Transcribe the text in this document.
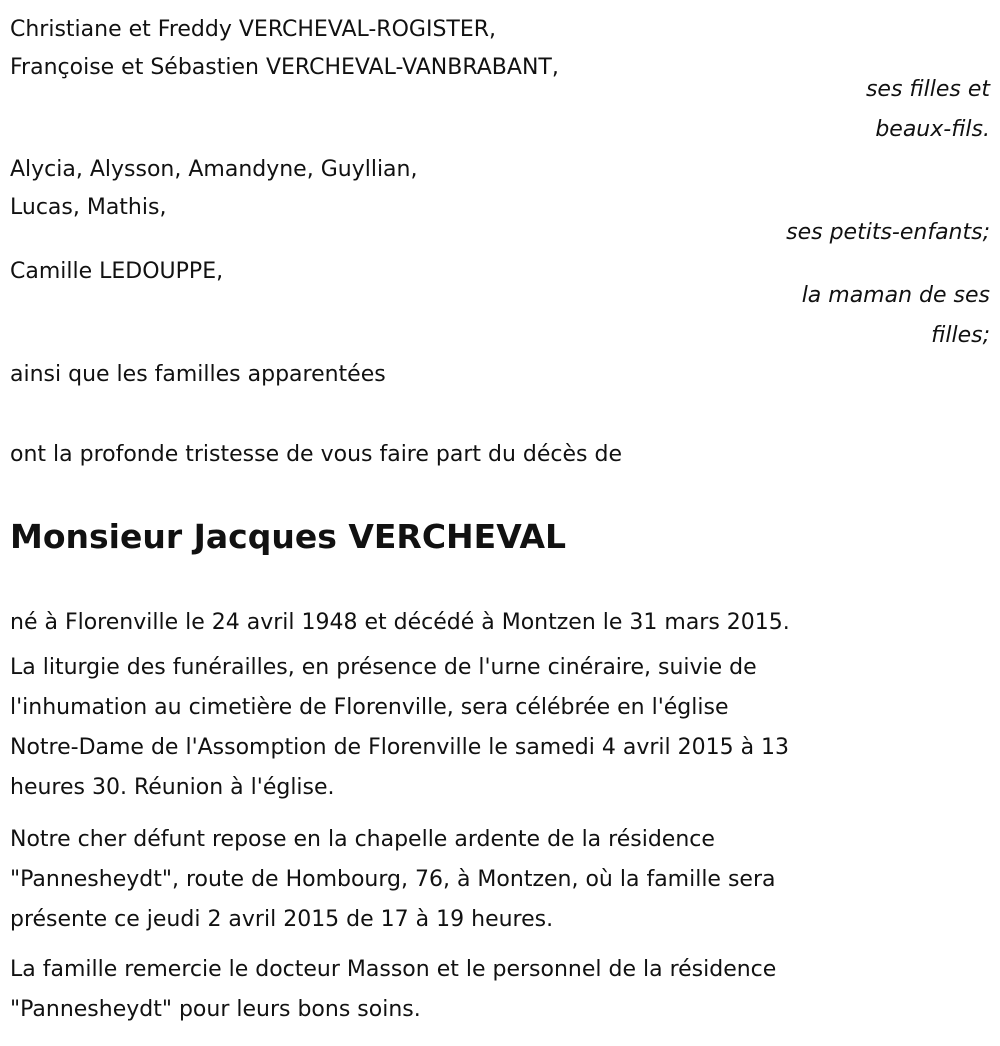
Christiane et Freddy VERCHEVAL-ROGISTER,
Françoise et Sébastien VERCHEVAL-VANBRABANT,
ses filles et
beaux-fils.
Alycia, Alysson, Amandyne, Guyllian,
Lucas, Mathis,
ses petits-enfants;
Camille LEDOUPPE,
la maman de ses
filles;
ainsi que les familles apparentées
ont la profonde tristesse de vous faire part du décès de
Monsieur Jacques VERCHEVAL
né à Florenville le 24 avril 1948 et décédé à Montzen le 31 mars 2015.
La liturgie des funérailles, en présence de l'urne cinéraire, suivie de
l'inhumation au cimetière de Florenville, sera célébrée en l'église
Notre-Dame de l'Assomption de Florenville le samedi 4 avril 2015 à 13
heures 30. Réunion à l'église.
Notre cher défunt repose en la chapelle ardente de la résidence
"Pannesheydt", route de Hombourg, 76, à Montzen, où la famille sera
présente ce jeudi 2 avril 2015 de 17 à 19 heures.
La famille remercie le docteur Masson et le personnel de la résidence
"Pannesheydt" pour leurs bons soins.
